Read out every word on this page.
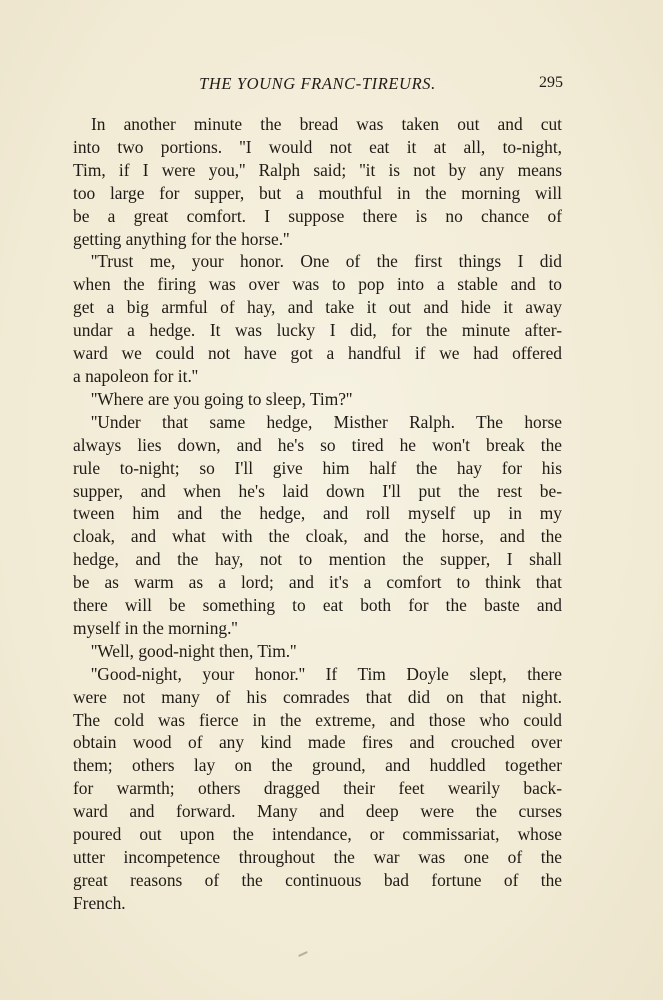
THE YOUNG FRANC-TIREURS.	295
In another minute the bread was taken out and cut
into two portions. ''I would not eat it at all, to-night,
Tim, if I were you,'' Ralph said; ''it is not by any means
too large for supper, but a mouthful in the morning will
be a great comfort. I suppose there is no chance of
getting anything for the horse.''
''Trust me, your honor. One of the first things I did
when the firing was over was to pop into a stable and to
get a big armful of hay, and take it out and hide it away
undar a hedge. It was lucky I did, for the minute after-
ward we could not have got a handful if we had offered
a napoleon for it.''
''Where are you going to sleep, Tim?''
''Under that same hedge, Misther Ralph. The horse
always lies down, and he's so tired he won't break the
rule to-night; so I'll give him half the hay for his
supper, and when he's laid down I'll put the rest be-
tween him and the hedge, and roll myself up in my
cloak, and what with the cloak, and the horse, and the
hedge, and the hay, not to mention the supper, I shall
be as warm as a lord; and it's a comfort to think that
there will be something to eat both for the baste and
myself in the morning.''
''Well, good-night then, Tim.''
''Good-night, your honor.'' If Tim Doyle slept, there
were not many of his comrades that did on that night.
The cold was fierce in the extreme, and those who could
obtain wood of any kind made fires and crouched over
them; others lay on the ground, and huddled together
for warmth; others dragged their feet wearily back-
ward and forward. Many and deep were the curses
poured out upon the intendance, or commissariat, whose
utter incompetence throughout the war was one of the
great reasons of the continuous bad fortune of the
French.
